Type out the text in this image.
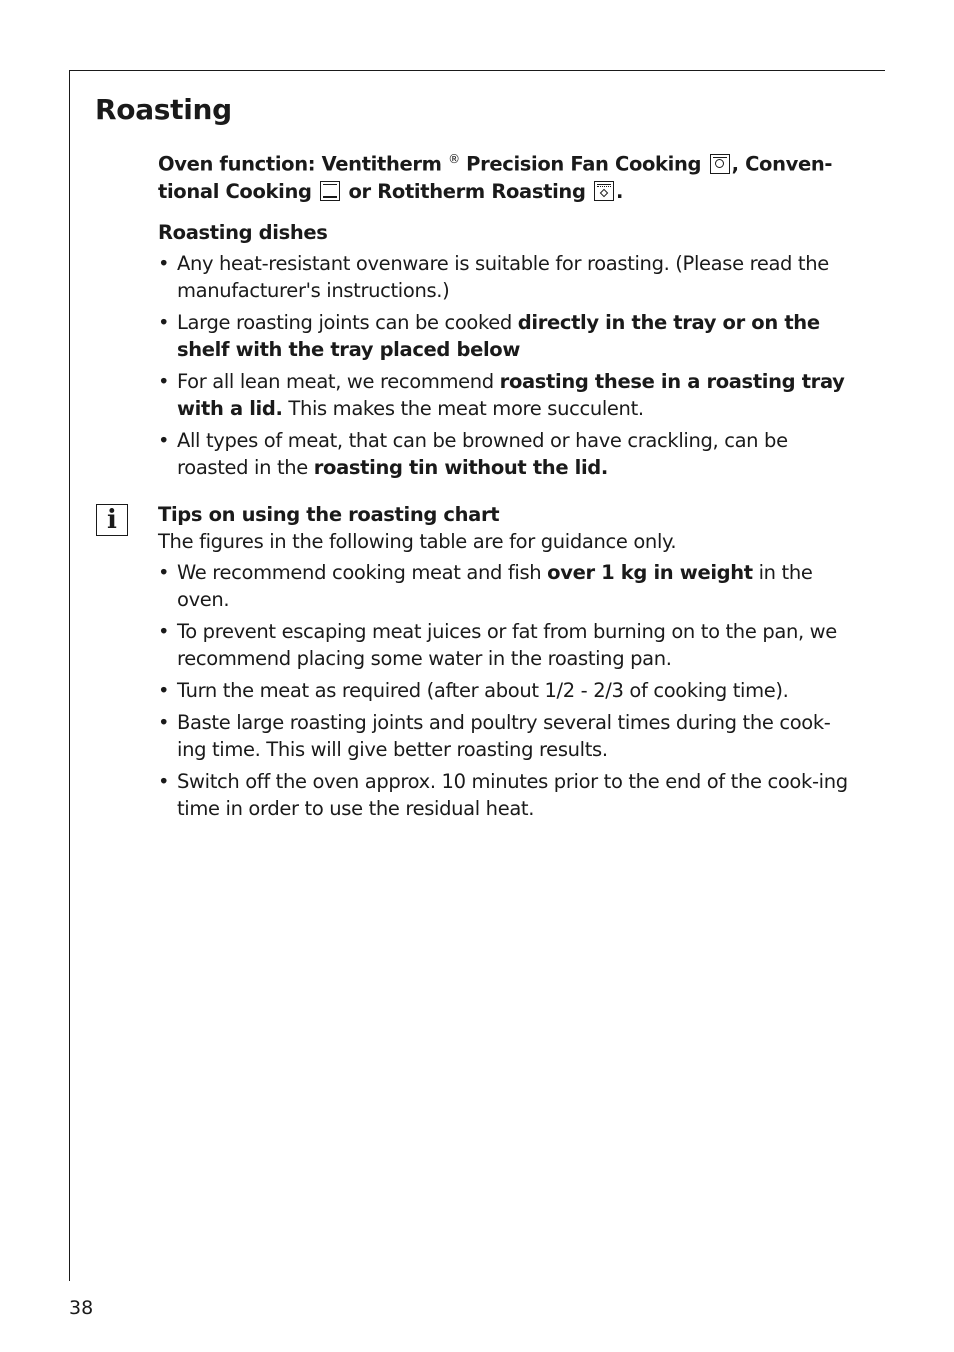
Roasting
i

Oven function: Ventitherm ® Precision Fan Cooking , Conven-
tional Cooking  or Rotitherm Roasting .

Roasting dishes

• Any heat-resistant ovenware is suitable for roasting. (Please read the manufacturer's instructions.)
• Large roasting joints can be cooked directly in the tray or on the shelf with the tray placed below
• For all lean meat, we recommend roasting these in a roasting tray with a lid. This makes the meat more succulent.
• All types of meat, that can be browned or have crackling, can be roasted in the roasting tin without the lid.

Tips on using the roasting chart

The figures in the following table are for guidance only.

• We recommend cooking meat and fish over 1 kg in weight in the oven.
• To prevent escaping meat juices or fat from burning on to the pan, we recommend placing some water in the roasting pan.
• Turn the meat as required (after about 1/2 - 2/3 of cooking time).
• Baste large roasting joints and poultry several times during the cook-ing time. This will give better roasting results.
• Switch off the oven approx. 10 minutes prior to the end of the cook-ing time in order to use the residual heat.
38
